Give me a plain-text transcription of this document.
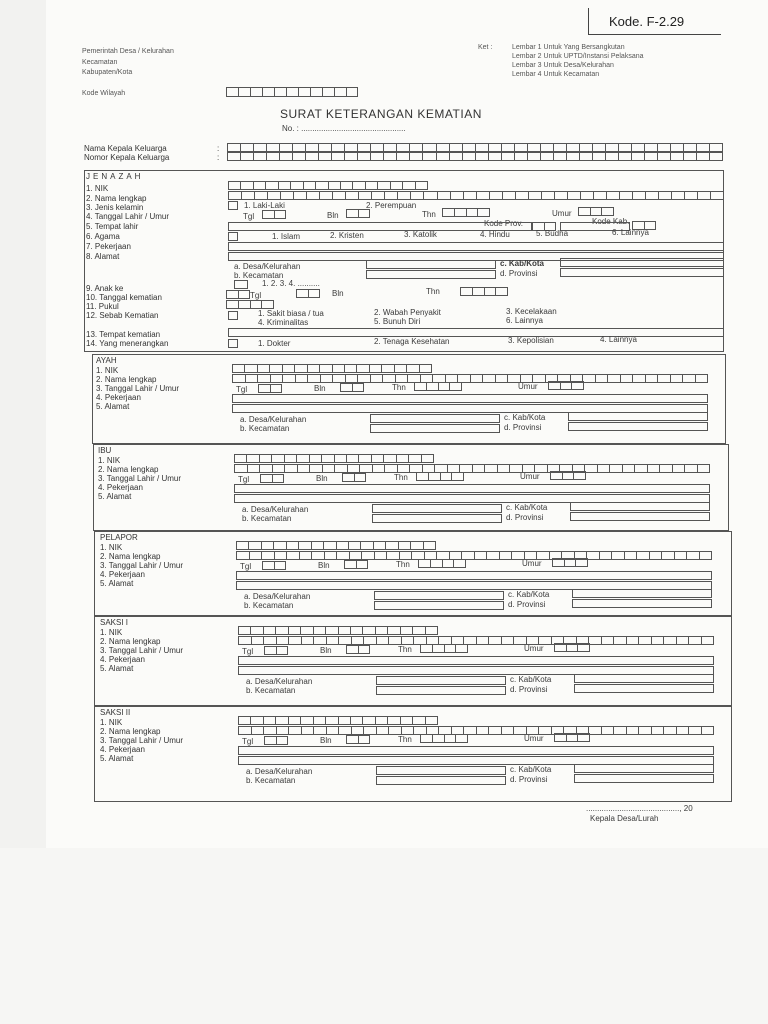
Kode. F-2.29
Pemerintah Desa / Kelurahan
Kecamatan
Kabupaten/Kota
Kode Wilayah
Ket :	Lembar 1 Untuk Yang Bersangkutan
Lembar 2 Untuk UPTD/Instansi Pelaksana
Lembar 3 Untuk Desa/Kelurahan
Lembar 4 Untuk Kecamatan
SURAT KETERANGAN KEMATIAN
No. : ...............................................
Nama Kepala Keluarga
Nomor Kepala Keluarga
:
:
JENAZAH
1. NIK
2. Nama lengkap
3. Jenis kelamin
4. Tanggal Lahir / Umur
5. Tempat lahir
6. Agama
7. Pekerjaan
8. Alamat
1. Laki-Laki	2. Perempuan
Tgl	Bln	Thn	Umur
Kode Prov.	Kode Kab.
1. Islam	2. Kristen	3. Katolik	4. Hindu	5. Budha	6. Lainnya
a. Desa/Kelurahan
b. Kecamatan
c. Kab/Kota
d. Provinsi
9. Anak ke
10. Tanggal kematian
11. Pukul
12. Sebab Kematian
1. 2. 3. 4. ..........
Tgl	Bln	Thn
1. Sakit biasa / tua	2. Wabah Penyakit	3. Kecelakaan
4. Kriminalitas	5. Bunuh Diri	6. Lainnya
13. Tempat kematian
14. Yang menerangkan	1. Dokter	2. Tenaga Kesehatan	3. Kepolisian	4. Lainnya
AYAH
1. NIK
2. Nama lengkap
3. Tanggal Lahir / Umur
4. Pekerjaan
5. Alamat
Tgl	Bln	Thn	Umur
a. Desa/Kelurahan
b. Kecamatan
c. Kab/Kota
d. Provinsi
IBU
1. NIK
2. Nama lengkap
3. Tanggal Lahir / Umur
4. Pekerjaan
5. Alamat
Tgl	Bln	Thn	Umur
a. Desa/Kelurahan
b. Kecamatan
c. Kab/Kota
d. Provinsi
PELAPOR
1. NIK
2. Nama lengkap
3. Tanggal Lahir / Umur
4. Pekerjaan
5. Alamat
Tgl	Bln	Thn	Umur
a. Desa/Kelurahan
b. Kecamatan
c. Kab/Kota
d. Provinsi
SAKSI I
1. NIK
2. Nama lengkap
3. Tanggal Lahir / Umur
4. Pekerjaan
5. Alamat
Tgl	Bln	Thn	Umur
a. Desa/Kelurahan
b. Kecamatan
c. Kab/Kota
d. Provinsi
SAKSI II
1. NIK
2. Nama lengkap
3. Tanggal Lahir / Umur
4. Pekerjaan
5. Alamat
Tgl	Bln	Thn	Umur
a. Desa/Kelurahan
b. Kecamatan
c. Kab/Kota
d. Provinsi
.........................................., 20
Kepala Desa/Lurah
